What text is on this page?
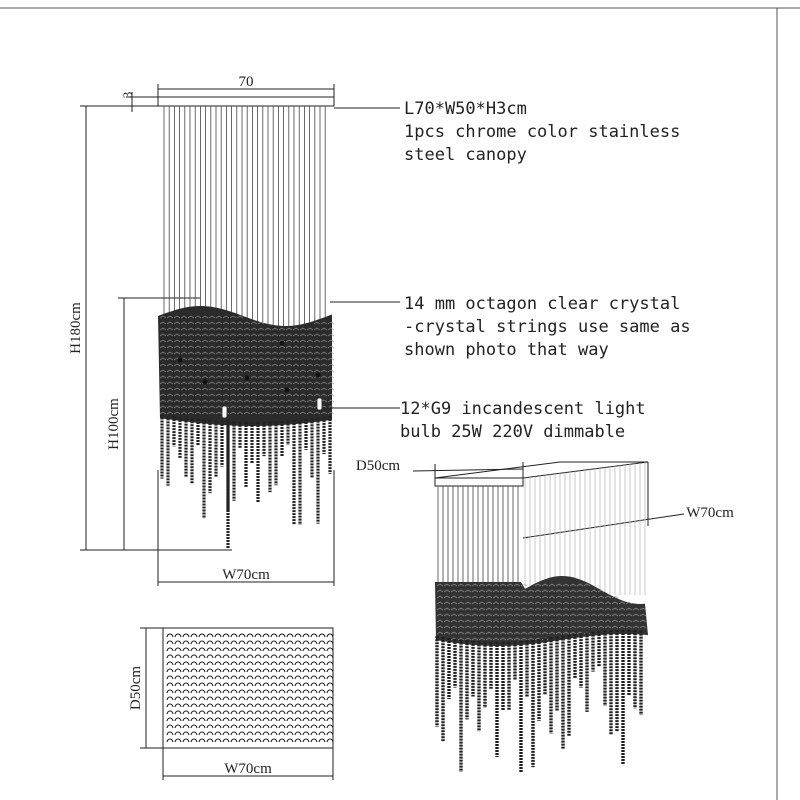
70
3
H180cm
H100cm
W70cm
D50cm
W70cm
D50cm
W70cm
L70*W50*H3cm
1pcs chrome color stainless
steel canopy
14 mm octagon clear crystal
-crystal strings use same as
shown photo that way
12*G9 incandescent light
bulb 25W 220V dimmable
